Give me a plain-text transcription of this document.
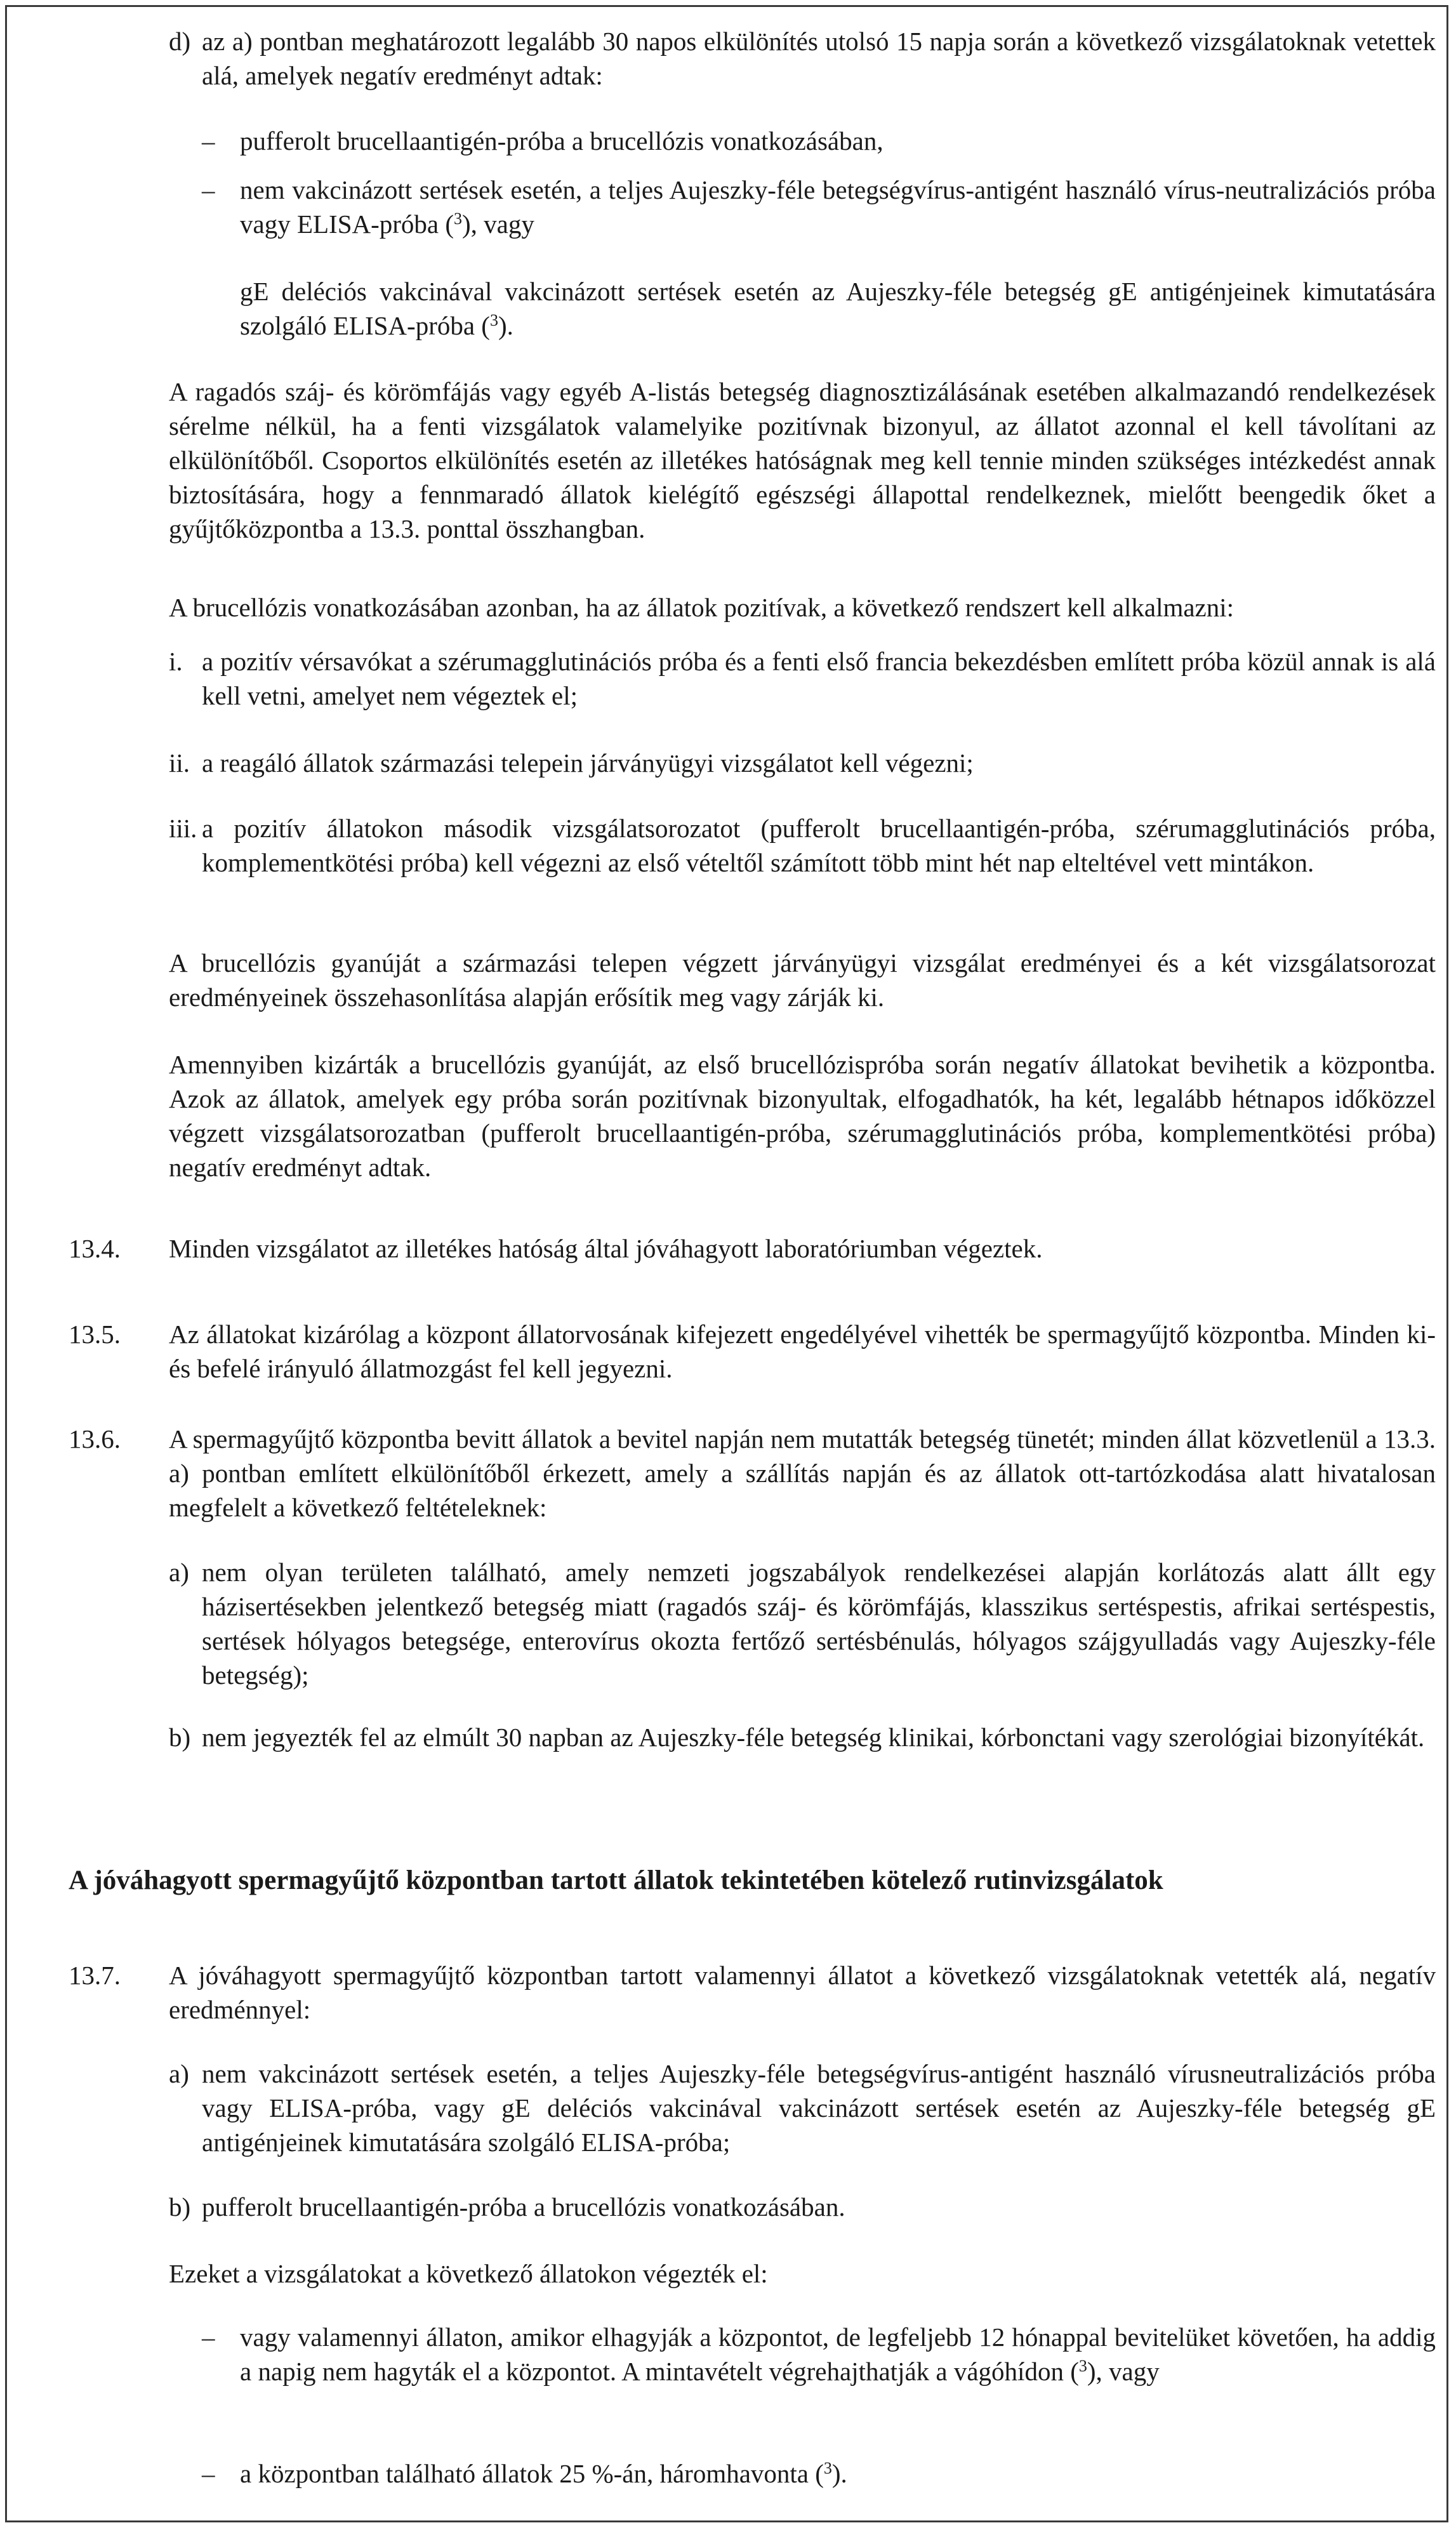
d) az a) pontban meghatározott legalább 30 napos elkülönítés utolsó 15 napja során a következő vizsgálatoknak vetettek alá, amelyek negatív eredményt adtak:

– pufferolt brucellaantigén-próba a brucellózis vonatkozásában,

– nem vakcinázott sertések esetén, a teljes Aujeszky-féle betegségvírus-antigént használó vírus-neutralizációs próba vagy ELISA-próba ($^3$), vagy

gE deléciós vakcinával vakcinázott sertések esetén az Aujeszky-féle betegség gE antigénjeinek kimutatására szolgáló ELISA-próba ($^3$).

A ragadós száj- és körömfájás vagy egyéb A-listás betegség diagnosztizálásának esetében alkalmazandó rendelkezések sérelme nélkül, ha a fenti vizsgálatok valamelyike pozitívnak bizonyul, az állatot azonnal el kell távolítani az elkülönítőből. Csoportos elkülönítés esetén az illetékes hatóságnak meg kell tennie minden szükséges intézkedést annak biztosítására, hogy a fennmaradó állatok kielégítő egészségi állapottal rendelkeznek, mielőtt beengedik őket a gyűjtőközpontba a 13.3. ponttal összhangban.

A brucellózis vonatkozásában azonban, ha az állatok pozitívak, a következő rendszert kell alkalmazni:

i. a pozitív vérsavókat a szérumagglutinációs próba és a fenti első francia bekezdésben említett próba közül annak is alá kell vetni, amelyet nem végeztek el;

ii. a reagáló állatok származási telepein járványügyi vizsgálatot kell végezni;

iii. a pozitív állatokon második vizsgálatsorozatot (pufferolt brucellaantigén-próba, szérumagglutinációs próba, komplementkötési próba) kell végezni az első vételtől számított több mint hét nap elteltével vett mintákon.

A brucellózis gyanúját a származási telepen végzett járványügyi vizsgálat eredményei és a két vizsgálatsorozat eredményeinek összehasonlítása alapján erősítik meg vagy zárják ki.

Amennyiben kizárták a brucellózis gyanúját, az első brucellózispróba során negatív állatokat bevihetik a központba. Azok az állatok, amelyek egy próba során pozitívnak bizonyultak, elfogadhatók, ha két, legalább hétnapos időközzel végzett vizsgálatsorozatban (pufferolt brucellaantigén-próba, szérumagglutinációs próba, komplementkötési próba) negatív eredményt adtak.

13.4. Minden vizsgálatot az illetékes hatóság által jóváhagyott laboratóriumban végeztek.

13.5. Az állatokat kizárólag a központ állatorvosának kifejezett engedélyével vihették be spermagyűjtő központba. Minden ki- és befelé irányuló állatmozgást fel kell jegyezni.

13.6. A spermagyűjtő központba bevitt állatok a bevitel napján nem mutatták betegség tünetét; minden állat közvetlenül a 13.3. a) pontban említett elkülönítőből érkezett, amely a szállítás napján és az állatok ott-tartózkodása alatt hivatalosan megfelelt a következő feltételeknek:

a) nem olyan területen található, amely nemzeti jogszabályok rendelkezései alapján korlátozás alatt állt egy házisertésekben jelentkező betegség miatt (ragadós száj- és körömfájás, klasszikus sertéspestis, afrikai sertéspestis, sertések hólyagos betegsége, enterovírus okozta fertőző sertésbénulás, hólyagos szájgyulladás vagy Aujeszky-féle betegség);

b) nem jegyezték fel az elmúlt 30 napban az Aujeszky-féle betegség klinikai, kórbonctani vagy szerológiai bizonyítékát.

A jóváhagyott spermagyűjtő központban tartott állatok tekintetében kötelező rutinvizsgálatok

13.7. A jóváhagyott spermagyűjtő központban tartott valamennyi állatot a következő vizsgálatoknak vetették alá, negatív eredménnyel:

a) nem vakcinázott sertések esetén, a teljes Aujeszky-féle betegségvírus-antigént használó vírusneutralizációs próba vagy ELISA-próba, vagy gE deléciós vakcinával vakcinázott sertések esetén az Aujeszky-féle betegség gE antigénjeinek kimutatására szolgáló ELISA-próba;

b) pufferolt brucellaantigén-próba a brucellózis vonatkozásában.

Ezeket a vizsgálatokat a következő állatokon végezték el:

– vagy valamennyi állaton, amikor elhagyják a központot, de legfeljebb 12 hónappal bevitelüket követően, ha addig a napig nem hagyták el a központot. A mintavételt végrehajthatják a vágóhídon ($^3$), vagy

– a központban található állatok 25 %-án, háromhavonta ($^3$).
